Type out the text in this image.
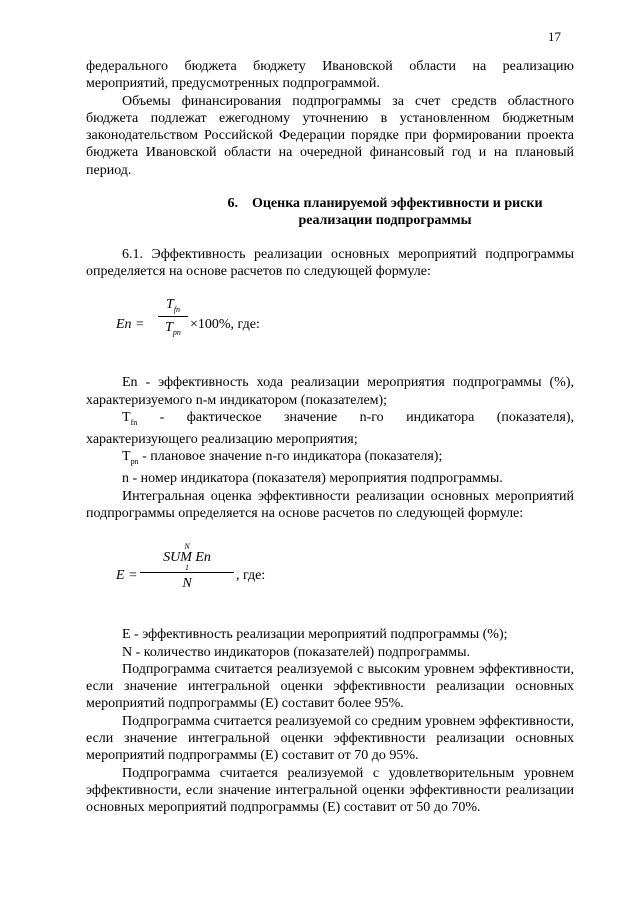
17

федерального бюджета бюджету Ивановской области на реализацию мероприятий, предусмотренных подпрограммой.

Объемы финансирования подпрограммы за счет средств областного бюджета подлежат ежегодному уточнению в установленном бюджетным законодательством Российской Федерации порядке при формировании проекта бюджета Ивановской области на очередной финансовый год и на плановый период.

6. Оценка планируемой эффективности и риски реализации подпрограммы

6.1. Эффективность реализации основных мероприятий подпрограммы определяется на основе расчетов по следующей формуле:

En =
$T_{fn}$
$T_{pn}$
×100%, где:

En - эффективность хода реализации мероприятия подпрограммы (%), характеризуемого n-м индикатором (показателем);

$T_{fn}$ - фактическое значение n-го индикатора (показателя), характеризующего реализацию мероприятия;

$T_{pn}$ - плановое значение n-го индикатора (показателя);

n - номер индикатора (показателя) мероприятия подпрограммы.

Интегральная оценка эффективности реализации основных мероприятий подпрограммы определяется на основе расчетов по следующей формуле:

E =
N
SUM En
1
N
, где:

E - эффективность реализации мероприятий подпрограммы (%);

N - количество индикаторов (показателей) подпрограммы.

Подпрограмма считается реализуемой с высоким уровнем эффективности, если значение интегральной оценки эффективности реализации основных мероприятий подпрограммы (E) составит более 95%.

Подпрограмма считается реализуемой со средним уровнем эффективности, если значение интегральной оценки эффективности реализации основных мероприятий подпрограммы (E) составит от 70 до 95%.

Подпрограмма считается реализуемой с удовлетворительным уровнем эффективности, если значение интегральной оценки эффективности реализации основных мероприятий подпрограммы (E) составит от 50 до 70%.
